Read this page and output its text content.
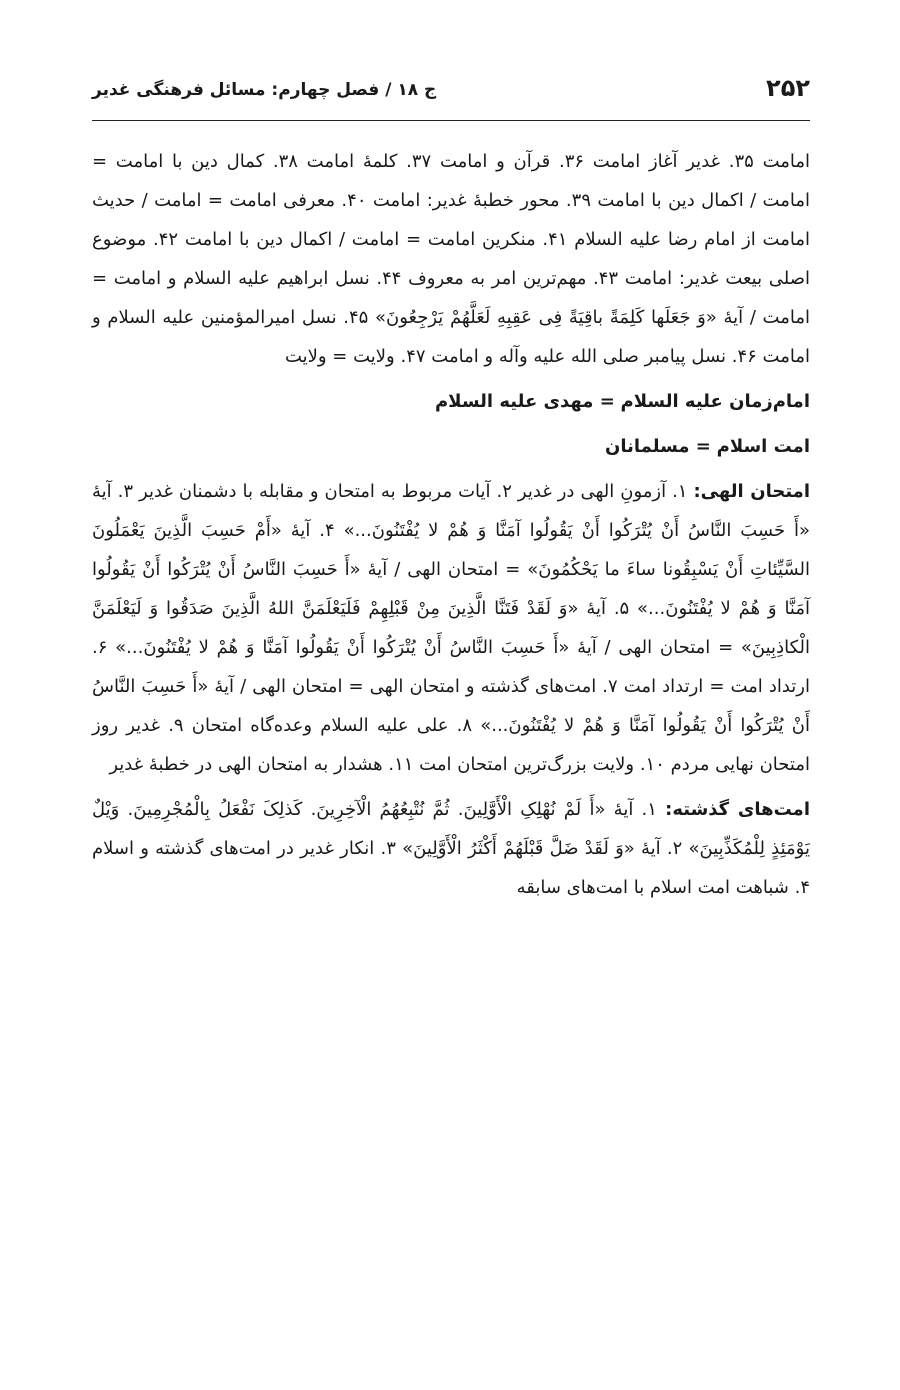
۲۵۲
ج ۱۸ / فصل چهارم: مسائل فرهنگی غدیر

امامت ۳۵. غدیر آغاز امامت ۳۶. قرآن و امامت ۳۷. کلمهٔ امامت ۳۸. کمال دین با امامت = امامت / اکمال دین با امامت ۳۹. محور خطبهٔ غدیر: امامت ۴۰. معرفی امامت = امامت / حدیث امامت از امام رضا عليه السلام ۴۱. منکرین امامت = امامت / اکمال دین با امامت ۴۲. موضوع اصلی بیعت غدیر: امامت ۴۳. مهم‌ترین امر به معروف ۴۴. نسل ابراهیم عليه السلام و امامت = امامت / آیهٔ «وَ جَعَلَها کَلِمَةً باقِیَةً فِی عَقِبِهِ لَعَلَّهُمْ یَرْجِعُونَ» ۴۵. نسل امیرالمؤمنین عليه السلام و امامت ۴۶. نسل پیامبر صلى الله عليه وآله و امامت ۴۷. ولایت = ولایت

امام‌زمان عليه السلام = مهدی عليه السلام

امت اسلام = مسلمانان

امتحان الهی: ۱. آزمونِ الهی در غدیر ۲. آیات مربوط به امتحان و مقابله با دشمنان غدیر ۳. آیهٔ «أَ حَسِبَ النَّاسُ أَنْ یُتْرَکُوا أَنْ یَقُولُوا آمَنَّا وَ هُمْ لا یُفْتَنُونَ...» ۴. آیهٔ «أَمْ حَسِبَ الَّذِینَ یَعْمَلُونَ السَّیِّئاتِ أَنْ یَسْبِقُونا ساءَ ما یَحْکُمُونَ» = امتحان الهی / آیهٔ «أَ حَسِبَ النَّاسُ أَنْ یُتْرَکُوا أَنْ یَقُولُوا آمَنَّا وَ هُمْ لا یُفْتَنُونَ...» ۵. آیهٔ «وَ لَقَدْ فَتَنَّا الَّذِینَ مِنْ قَبْلِهِمْ فَلَیَعْلَمَنَّ اللهُ الَّذِینَ صَدَقُوا وَ لَیَعْلَمَنَّ الْکاذِبِینَ» = امتحان الهی / آیهٔ «أَ حَسِبَ النَّاسُ أَنْ یُتْرَکُوا أَنْ یَقُولُوا آمَنَّا وَ هُمْ لا یُفْتَنُونَ...» ۶. ارتداد امت = ارتداد امت ۷. امت‌های گذشته و امتحان الهی = امتحان الهی / آیهٔ «أَ حَسِبَ النَّاسُ أَنْ یُتْرَکُوا أَنْ یَقُولُوا آمَنَّا وَ هُمْ لا یُفْتَنُونَ...» ۸. علی عليه السلام وعده‌گاه امتحان ۹. غدیر روز امتحان نهایی مردم ۱۰. ولایت بزرگ‌ترین امتحان امت ۱۱. هشدار به امتحان الهی در خطبهٔ غدیر

امت‌های گذشته: ۱. آیهٔ «أَ لَمْ نُهْلِکِ الْأَوَّلِینَ. ثُمَّ نُتْبِعُهُمُ الْآخِرِینَ. کَذلِکَ نَفْعَلُ بِالْمُجْرِمِینَ. وَیْلٌ یَوْمَئِذٍ لِلْمُکَذِّبِینَ» ۲. آیهٔ «وَ لَقَدْ ضَلَّ قَبْلَهُمْ أَکْثَرُ الْأَوَّلِینَ» ۳. انکار غدیر در امت‌های گذشته و اسلام ۴. شباهت امت اسلام با امت‌های سابقه
